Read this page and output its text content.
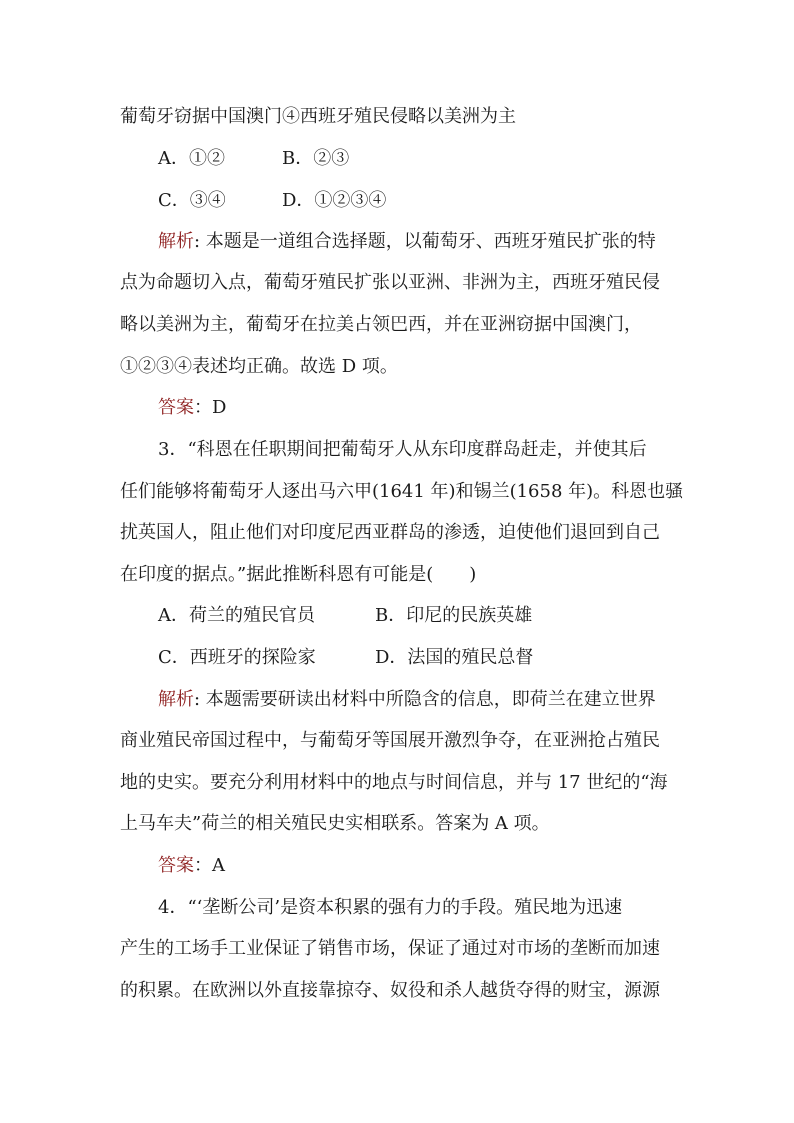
葡萄牙窃据中国澳门④西班牙殖民侵略以美洲为主
A．①②	B．②③
C．③④	D．①②③④
解析: 本题是一道组合选择题，以葡萄牙、西班牙殖民扩张的特
点为命题切入点，葡萄牙殖民扩张以亚洲、非洲为主，西班牙殖民侵
略以美洲为主，葡萄牙在拉美占领巴西，并在亚洲窃据中国澳门，
①②③④表述均正确。故选 D 项。
答案：D
3．“科恩在任职期间把葡萄牙人从东印度群岛赶走，并使其后
任们能够将葡萄牙人逐出马六甲(1641 年)和锡兰(1658 年)。科恩也骚
扰英国人，阻止他们对印度尼西亚群岛的渗透，迫使他们退回到自己
在印度的据点。”据此推断科恩有可能是(　　)
A．荷兰的殖民官员	B．印尼的民族英雄
C．西班牙的探险家	D．法国的殖民总督
解析: 本题需要研读出材料中所隐含的信息，即荷兰在建立世界
商业殖民帝国过程中，与葡萄牙等国展开激烈争夺，在亚洲抢占殖民
地的史实。要充分利用材料中的地点与时间信息，并与 17 世纪的“海
上马车夫”荷兰的相关殖民史实相联系。答案为 A 项。
答案：A
4．“‘垄断公司’是资本积累的强有力的手段。殖民地为迅速
产生的工场手工业保证了销售市场，保证了通过对市场的垄断而加速
的积累。在欧洲以外直接靠掠夺、奴役和杀人越货夺得的财宝，源源
